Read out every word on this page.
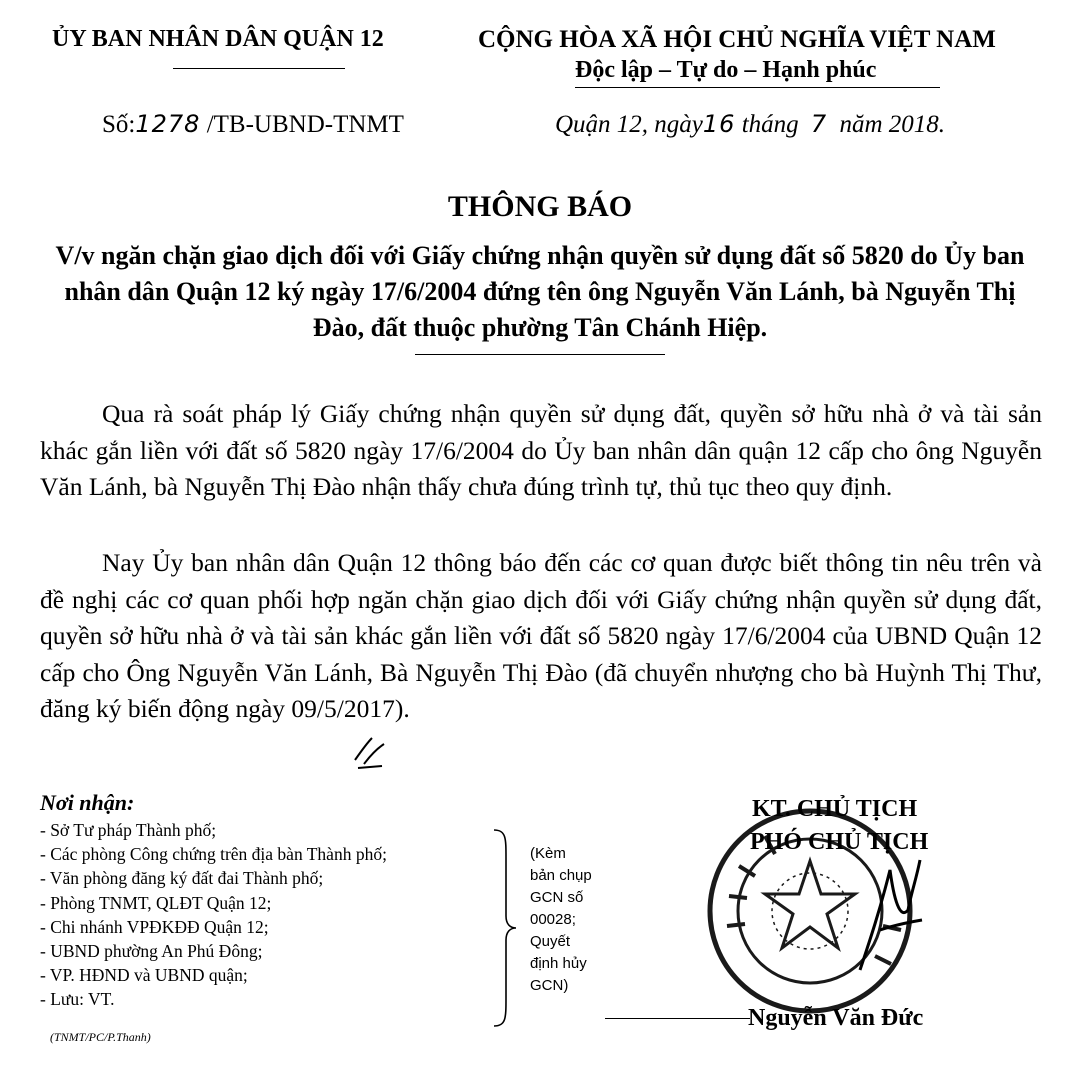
ỦY BAN NHÂN DÂN QUẬN 12	CỘNG HÒA XÃ HỘI CHỦ NGHĨA VIỆT NAM
Độc lập – Tự do – Hạnh phúc
Số:1278 /TB-UBND-TNMT	Quận 12, ngày16 tháng 7 năm 2018.
THÔNG BÁO
V/v ngăn chặn giao dịch đối với Giấy chứng nhận quyền sử dụng đất số 5820 do Ủy ban nhân dân Quận 12 ký ngày 17/6/2004 đứng tên ông Nguyễn Văn Lánh, bà Nguyễn Thị Đào, đất thuộc phường Tân Chánh Hiệp.
Qua rà soát pháp lý Giấy chứng nhận quyền sử dụng đất, quyền sở hữu nhà ở và tài sản khác gắn liền với đất số 5820 ngày 17/6/2004 do Ủy ban nhân dân quận 12 cấp cho ông Nguyễn Văn Lánh, bà Nguyễn Thị Đào nhận thấy chưa đúng trình tự, thủ tục theo quy định.
Nay Ủy ban nhân dân Quận 12 thông báo đến các cơ quan được biết thông tin nêu trên và đề nghị các cơ quan phối hợp ngăn chặn giao dịch đối với Giấy chứng nhận quyền sử dụng đất, quyền sở hữu nhà ở và tài sản khác gắn liền với đất số 5820 ngày 17/6/2004 của UBND Quận 12 cấp cho Ông Nguyễn Văn Lánh, Bà Nguyễn Thị Đào (đã chuyển nhượng cho bà Huỳnh Thị Thư, đăng ký biến động ngày 09/5/2017).
Nơi nhận:
- Sở Tư pháp Thành phố;
- Các phòng Công chứng trên địa bàn Thành phố;
- Văn phòng đăng ký đất đai Thành phố;
- Phòng TNMT, QLĐT Quận 12;
- Chi nhánh VPĐKĐĐ Quận 12;
- UBND phường An Phú Đông;
- VP. HĐND và UBND quận;
- Lưu: VT.
(TNMT/PC/P.Thanh)
(Kèm
bản chụp
GCN số
00028;
Quyết
định hủy
GCN)
KT. CHỦ TỊCH
PHÓ CHỦ TỊCH
Nguyễn Văn Đức
